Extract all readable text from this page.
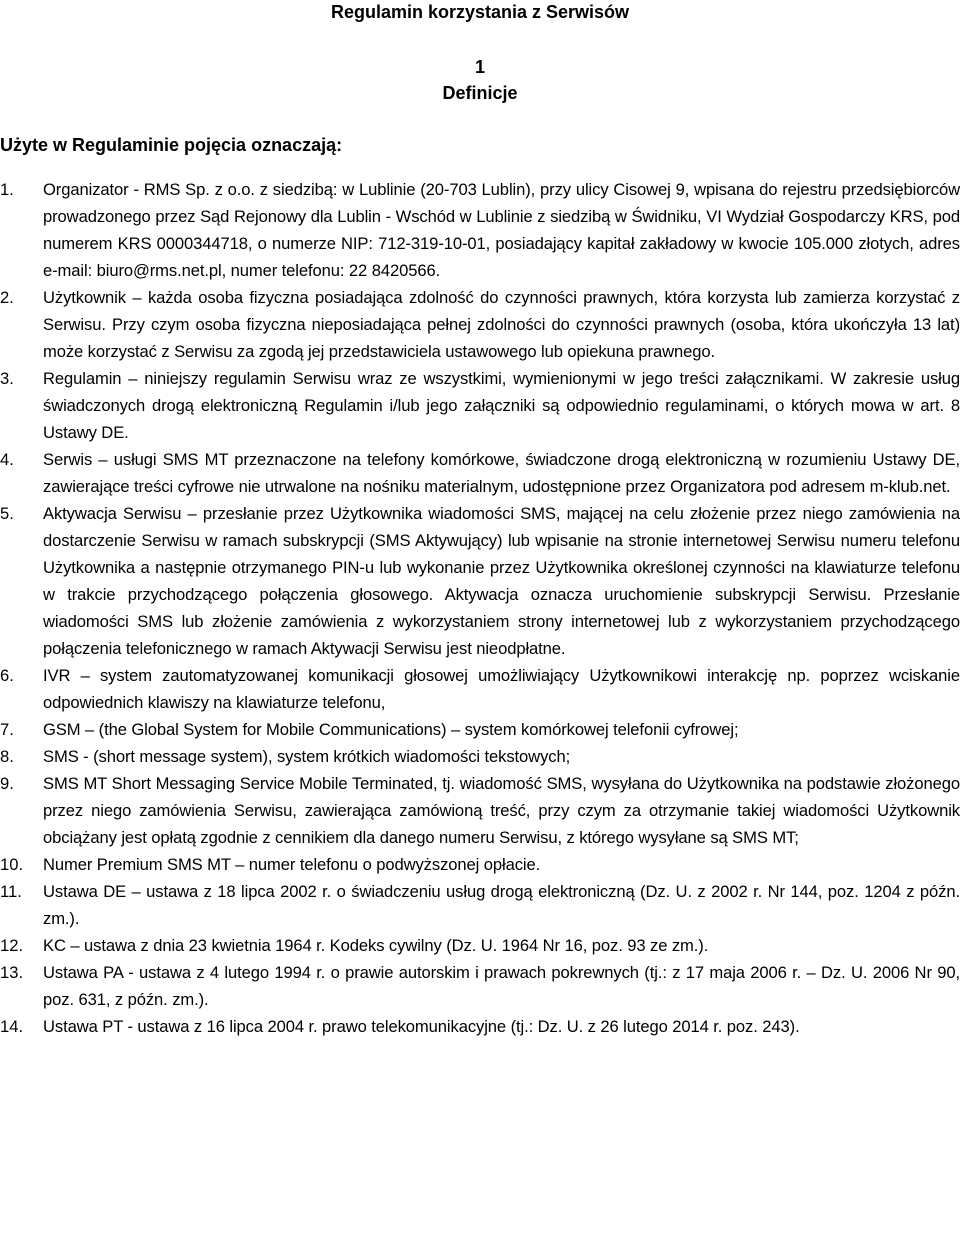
Regulamin korzystania z Serwisów
1
Definicje
Użyte w Regulaminie pojęcia oznaczają:
1.	Organizator - RMS Sp. z o.o. z siedzibą: w Lublinie (20-703 Lublin), przy ulicy Cisowej 9, wpisana do rejestru przedsiębiorców prowadzonego przez Sąd Rejonowy dla Lublin - Wschód w Lublinie z siedzibą w Świdniku, VI Wydział Gospodarczy KRS, pod numerem KRS 0000344718, o numerze NIP: 712-319-10-01, posiadający kapitał zakładowy w kwocie 105.000 złotych, adres e-mail: biuro@rms.net.pl, numer telefonu: 22 8420566.
2.	Użytkownik – każda osoba fizyczna posiadająca zdolność do czynności prawnych, która korzysta lub zamierza korzystać z Serwisu. Przy czym osoba fizyczna nieposiadająca pełnej zdolności do czynności prawnych (osoba, która ukończyła 13 lat) może korzystać z Serwisu za zgodą jej przedstawiciela ustawowego lub opiekuna prawnego.
3.	Regulamin – niniejszy regulamin Serwisu wraz ze wszystkimi, wymienionymi w jego treści załącznikami. W zakresie usług świadczonych drogą elektroniczną Regulamin i/lub jego załączniki są odpowiednio regulaminami, o których mowa w art. 8 Ustawy DE.
4.	Serwis – usługi SMS MT przeznaczone na telefony komórkowe, świadczone drogą elektroniczną w rozumieniu Ustawy DE, zawierające treści cyfrowe nie utrwalone na nośniku materialnym, udostępnione przez Organizatora pod adresem m-klub.net.
5.	Aktywacja Serwisu – przesłanie przez Użytkownika wiadomości SMS, mającej na celu złożenie przez niego zamówienia na dostarczenie Serwisu w ramach subskrypcji (SMS Aktywujący) lub wpisanie na stronie internetowej Serwisu numeru telefonu Użytkownika a następnie otrzymanego PIN-u lub wykonanie przez Użytkownika określonej czynności na klawiaturze telefonu w trakcie przychodzącego połączenia głosowego. Aktywacja oznacza uruchomienie subskrypcji Serwisu. Przesłanie wiadomości SMS lub złożenie zamówienia z wykorzystaniem strony internetowej lub z wykorzystaniem przychodzącego połączenia telefonicznego w ramach Aktywacji Serwisu jest nieodpłatne.
6.	IVR – system zautomatyzowanej komunikacji głosowej umożliwiający Użytkownikowi interakcję np. poprzez wciskanie odpowiednich klawiszy na klawiaturze telefonu,
7.	GSM – (the Global System for Mobile Communications) – system komórkowej telefonii cyfrowej;
8.	SMS - (short message system), system krótkich wiadomości tekstowych;
9.	SMS MT Short Messaging Service Mobile Terminated, tj. wiadomość SMS, wysyłana do Użytkownika na podstawie złożonego przez niego zamówienia Serwisu, zawierająca zamówioną treść, przy czym za otrzymanie takiej wiadomości Użytkownik obciążany jest opłatą zgodnie z cennikiem dla danego numeru Serwisu, z którego wysyłane są SMS MT;
10.	Numer Premium SMS MT – numer telefonu o podwyższonej opłacie.
11.	Ustawa DE – ustawa z 18 lipca 2002 r. o świadczeniu usług drogą elektroniczną (Dz. U. z 2002 r. Nr 144, poz. 1204 z późn. zm.).
12.	KC – ustawa z dnia 23 kwietnia 1964 r. Kodeks cywilny (Dz. U. 1964 Nr 16, poz. 93 ze zm.).
13.	Ustawa PA - ustawa z 4 lutego 1994 r. o prawie autorskim i prawach pokrewnych (tj.: z 17 maja 2006 r. – Dz. U. 2006 Nr 90, poz. 631, z późn. zm.).
14.	Ustawa PT - ustawa z 16 lipca 2004 r. prawo telekomunikacyjne (tj.: Dz. U. z 26 lutego 2014 r. poz. 243).
